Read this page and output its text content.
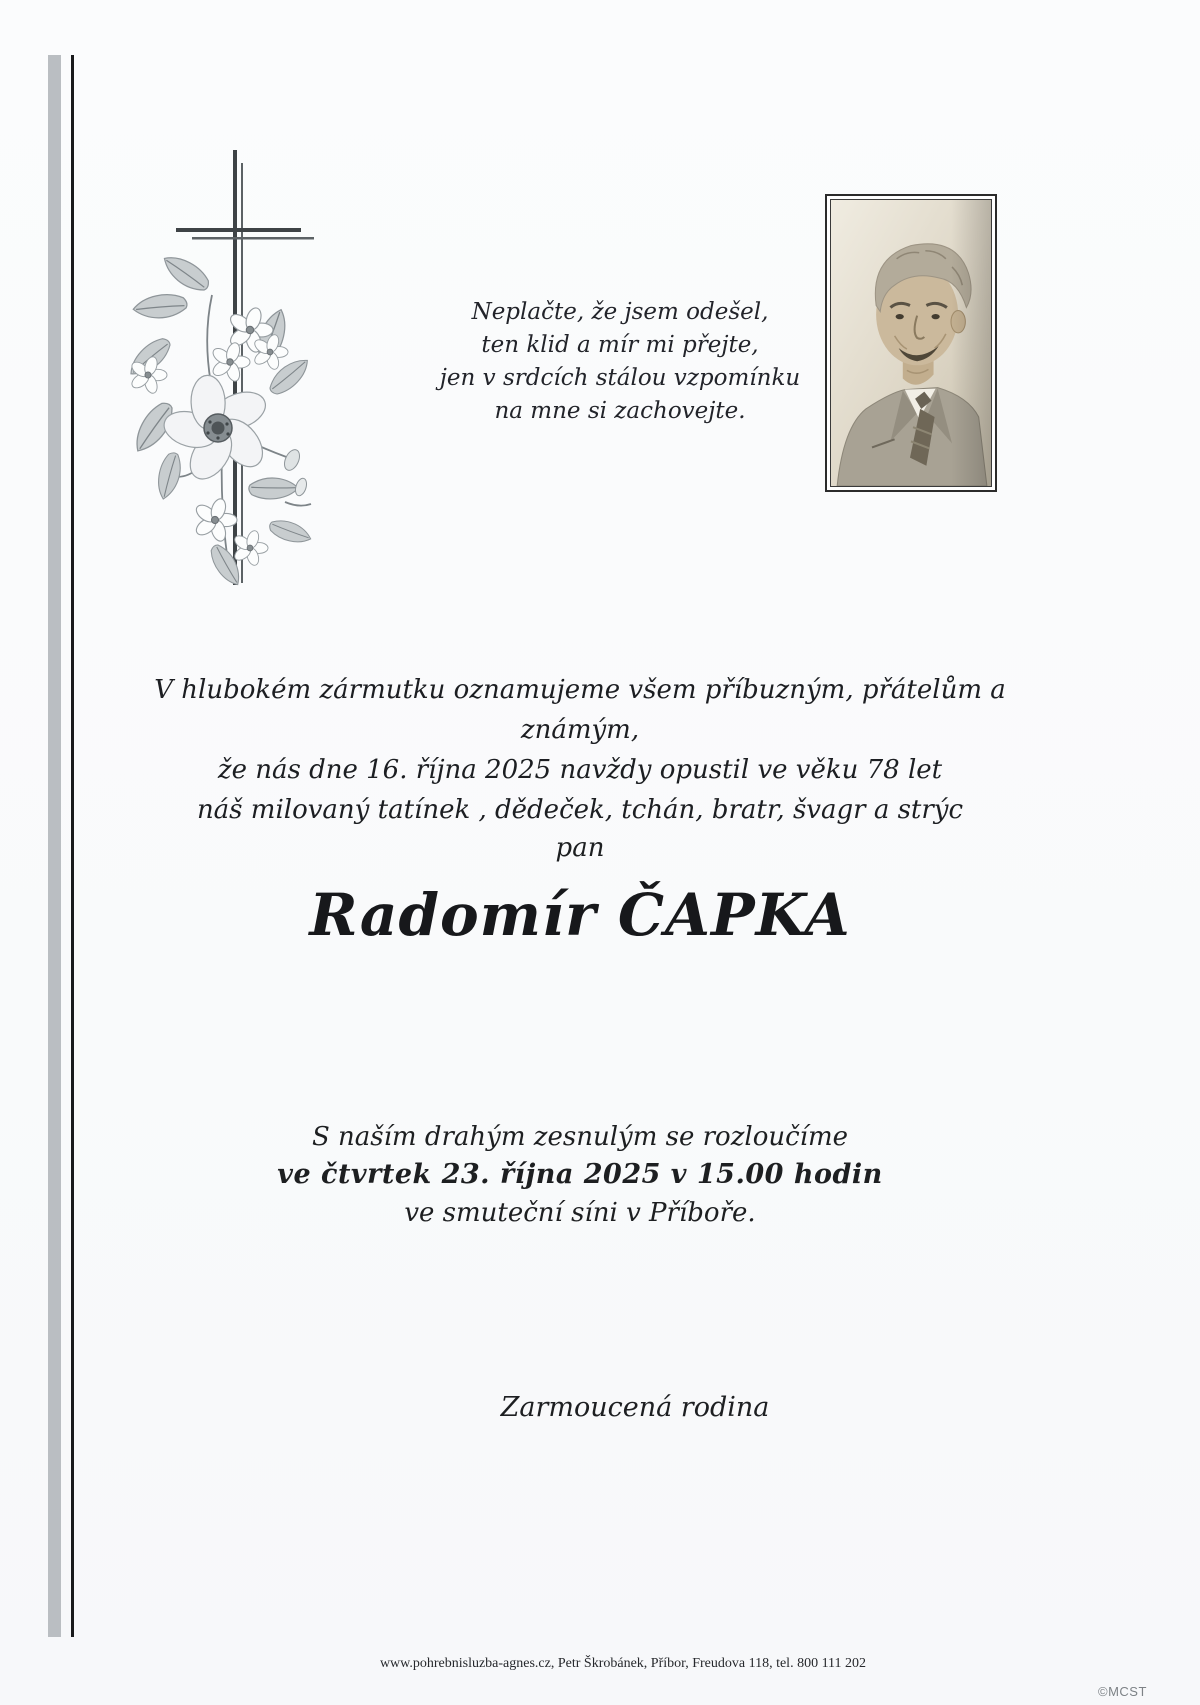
Neplačte, že jsem odešel,
ten klid a mír mi přejte,
jen v srdcích stálou vzpomínku
na mne si zachovejte.
V hlubokém zármutku oznamujeme všem příbuzným, přátelům a známým,
že nás dne 16. října 2025 navždy opustil ve věku 78 let
náš milovaný tatínek , dědeček, tchán, bratr, švagr a strýc
pan
Radomír ČAPKA
S naším drahým zesnulým se rozloučíme
ve čtvrtek 23. října 2025 v 15.00 hodin
ve smuteční síni v Příboře.
Zarmoucená rodina
www.pohrebnisluzba-agnes.cz, Petr Škrobánek, Příbor, Freudova 118, tel. 800 111 202
©MCST
